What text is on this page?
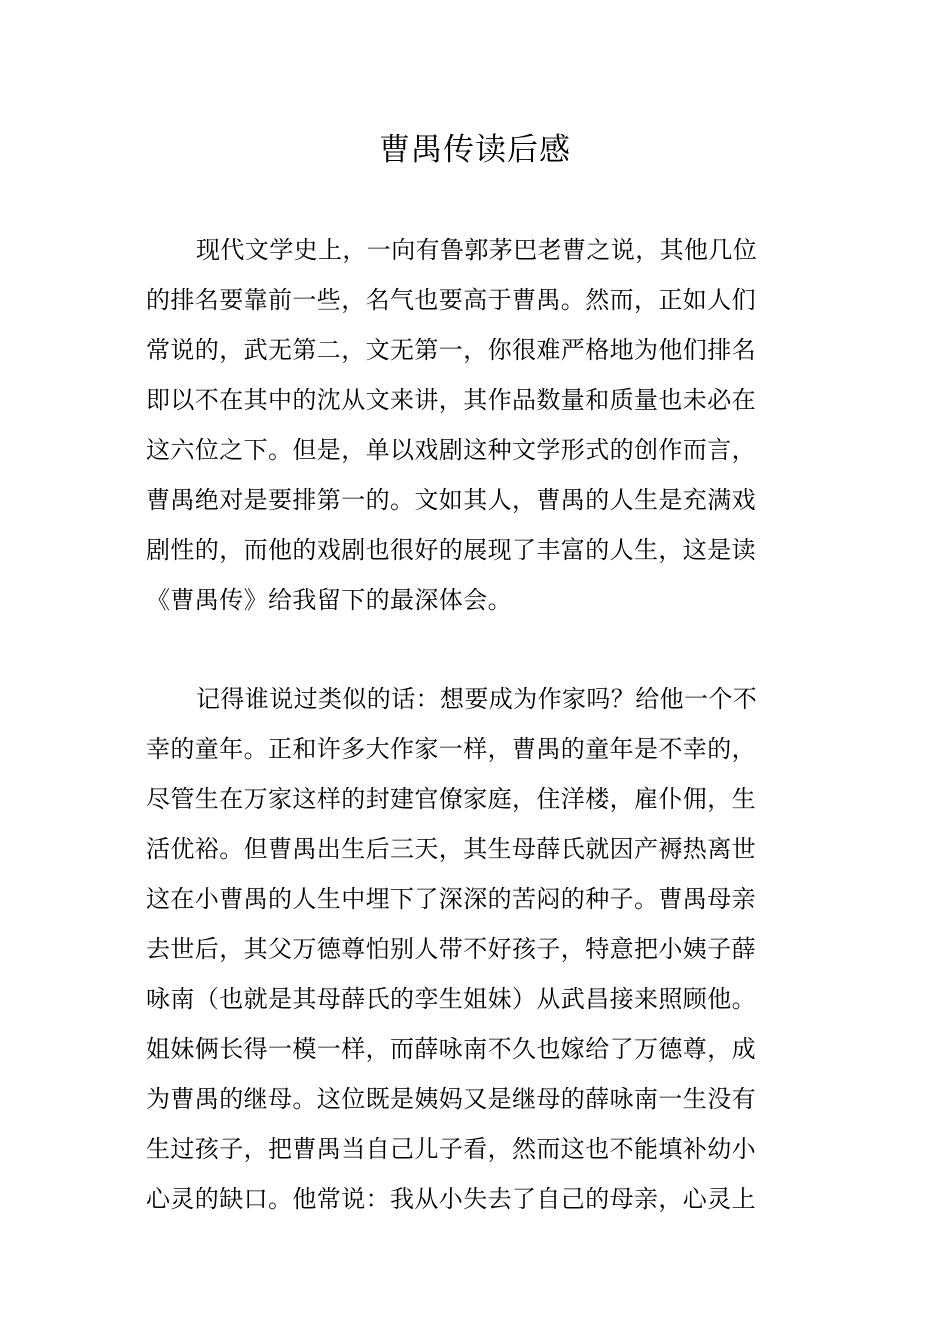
曹禺传读后感
现代文学史上，一向有鲁郭茅巴老曹之说，其他几位
的排名要靠前一些，名气也要高于曹禺。然而，正如人们
常说的，武无第二，文无第一，你很难严格地为他们排名
即以不在其中的沈从文来讲，其作品数量和质量也未必在
这六位之下。但是，单以戏剧这种文学形式的创作而言，
曹禺绝对是要排第一的。文如其人，曹禺的人生是充满戏
剧性的，而他的戏剧也很好的展现了丰富的人生，这是读
《曹禺传》给我留下的最深体会。
记得谁说过类似的话：想要成为作家吗？给他一个不
幸的童年。正和许多大作家一样，曹禺的童年是不幸的，
尽管生在万家这样的封建官僚家庭，住洋楼，雇仆佣，生
活优裕。但曹禺出生后三天，其生母薛氏就因产褥热离世
这在小曹禺的人生中埋下了深深的苦闷的种子。曹禺母亲
去世后，其父万德尊怕别人带不好孩子，特意把小姨子薛
咏南（也就是其母薛氏的孪生姐妹）从武昌接来照顾他。
姐妹俩长得一模一样，而薛咏南不久也嫁给了万德尊，成
为曹禺的继母。这位既是姨妈又是继母的薛咏南一生没有
生过孩子，把曹禺当自己儿子看，然而这也不能填补幼小
心灵的缺口。他常说：我从小失去了自己的母亲，心灵上
